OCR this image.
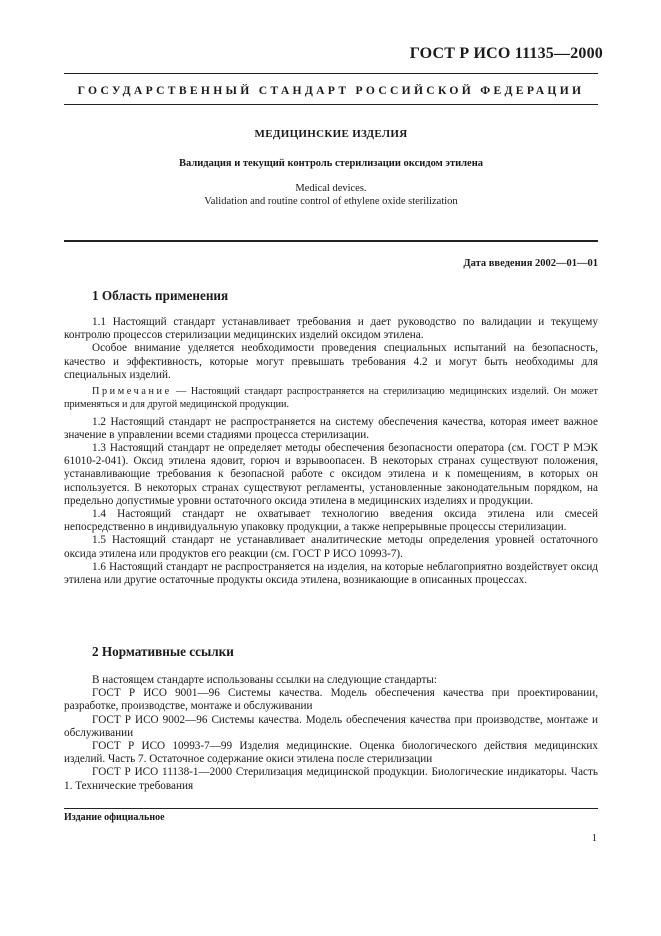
ГОСТ Р ИСО 11135—2000
ГОСУДАРСТВЕННЫЙ СТАНДАРТ РОССИЙСКОЙ ФЕДЕРАЦИИ
МЕДИЦИНСКИЕ ИЗДЕЛИЯ
Валидация и текущий контроль стерилизации оксидом этилена
Medical devices.
Validation and routine control of ethylene oxide sterilization
Дата введения 2002—01—01
1 Область применения

1.1 Настоящий стандарт устанавливает требования и дает руководство по валидации и текущему контролю процессов стерилизации медицинских изделий оксидом этилена.

Особое внимание уделяется необходимости проведения специальных испытаний на безопасность, качество и эффективность, которые могут превышать требования 4.2 и могут быть необходимы для специальных изделий.

Примечание — Настоящий стандарт распространяется на стерилизацию медицинских изделий. Он может применяться и для другой медицинской продукции.

1.2 Настоящий стандарт не распространяется на систему обеспечения качества, которая имеет важное значение в управлении всеми стадиями процесса стерилизации.

1.3 Настоящий стандарт не определяет методы обеспечения безопасности оператора (см. ГОСТ Р МЭК 61010-2-041). Оксид этилена ядовит, горюч и взрывоопасен. В некоторых странах существуют положения, устанавливающие требования к безопасной работе с оксидом этилена и к помещениям, в которых он используется. В некоторых странах существуют регламенты, установленные законодательным порядком, на предельно допустимые уровни остаточного оксида этилена в медицинских изделиях и продукции.

1.4 Настоящий стандарт не охватывает технологию введения оксида этилена или смесей непосредственно в индивидуальную упаковку продукции, а также непрерывные процессы стерилизации.

1.5 Настоящий стандарт не устанавливает аналитические методы определения уровней остаточного оксида этилена или продуктов его реакции (см. ГОСТ Р ИСО 10993-7).

1.6 Настоящий стандарт не распространяется на изделия, на которые неблагоприятно воздействует оксид этилена или другие остаточные продукты оксида этилена, возникающие в описанных процессах.

2 Нормативные ссылки

В настоящем стандарте использованы ссылки на следующие стандарты:

ГОСТ Р ИСО 9001—96 Системы качества. Модель обеспечения качества при проектировании, разработке, производстве, монтаже и обслуживании

ГОСТ Р ИСО 9002—96 Системы качества. Модель обеспечения качества при производстве, монтаже и обслуживании

ГОСТ Р ИСО 10993-7—99 Изделия медицинские. Оценка биологического действия медицинских изделий. Часть 7. Остаточное содержание окиси этилена после стерилизации

ГОСТ Р ИСО 11138-1—2000 Стерилизация медицинской продукции. Биологические индикаторы. Часть 1. Технические требования

Издание официальное
1
